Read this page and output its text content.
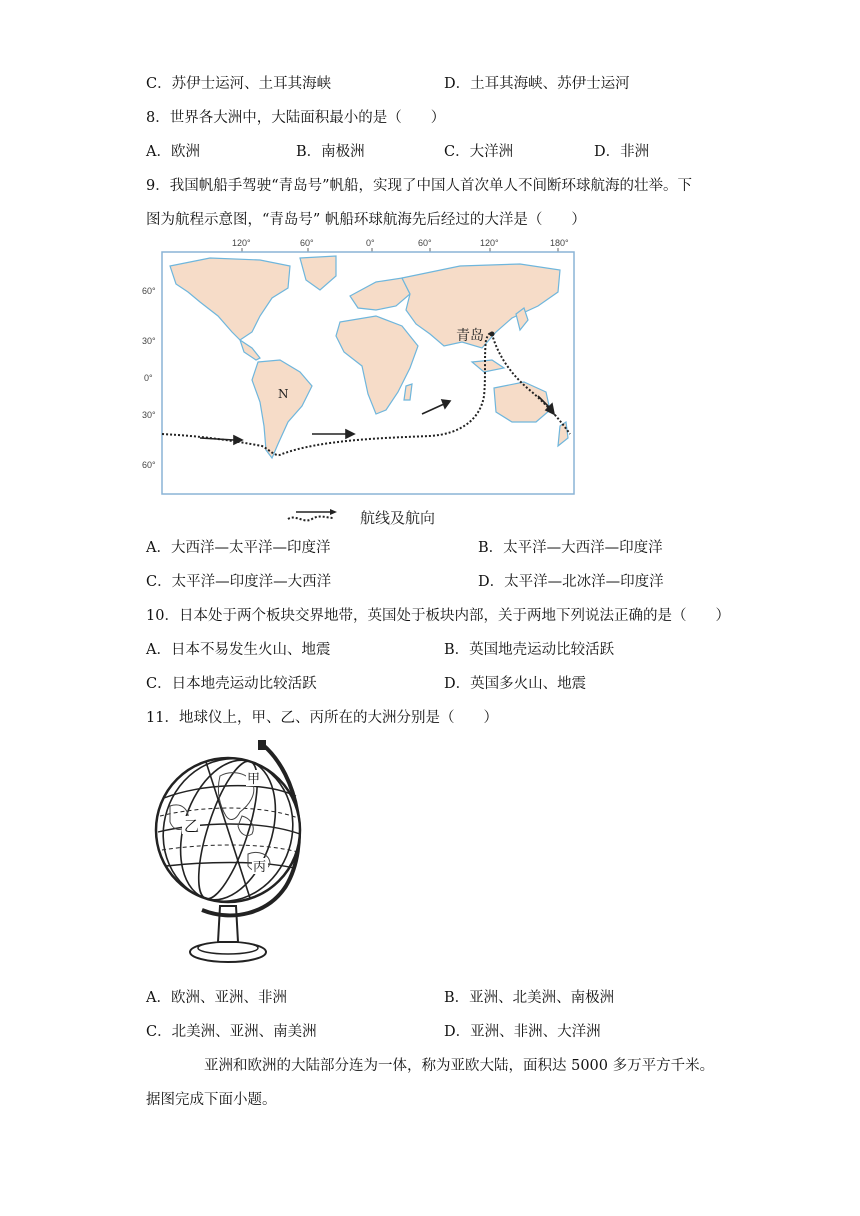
C．苏伊士运河、土耳其海峡	D．土耳其海峡、苏伊士运河
8．世界各大洲中，大陆面积最小的是（　　）
A．欧洲	B．南极洲	C．大洋洲	D．非洲
9．我国帆船手驾驶“青岛号”帆船，实现了中国人首次单人不间断环球航海的壮举。下
图为航程示意图，“青岛号” 帆船环球航海先后经过的大洋是（　　）
120°	60°	0°	60°	120°	180°
60°
30°
0°
30°
60°
青岛
N
航线及航向
A．大西洋—太平洋—印度洋	B．太平洋—大西洋—印度洋
C．太平洋—印度洋—大西洋	D．太平洋—北冰洋—印度洋
10．日本处于两个板块交界地带，英国处于板块内部，关于两地下列说法正确的是（　　）
A．日本不易发生火山、地震	B．英国地壳运动比较活跃
C．日本地壳运动比较活跃	D．英国多火山、地震
11．地球仪上，甲、乙、丙所在的大洲分别是（　　）
甲
乙
丙
A．欧洲、亚洲、非洲	B．亚洲、北美洲、南极洲
C．北美洲、亚洲、南美洲	D．亚洲、非洲、大洋洲
亚洲和欧洲的大陆部分连为一体，称为亚欧大陆，面积达 5000 多万平方千米。
据图完成下面小题。
